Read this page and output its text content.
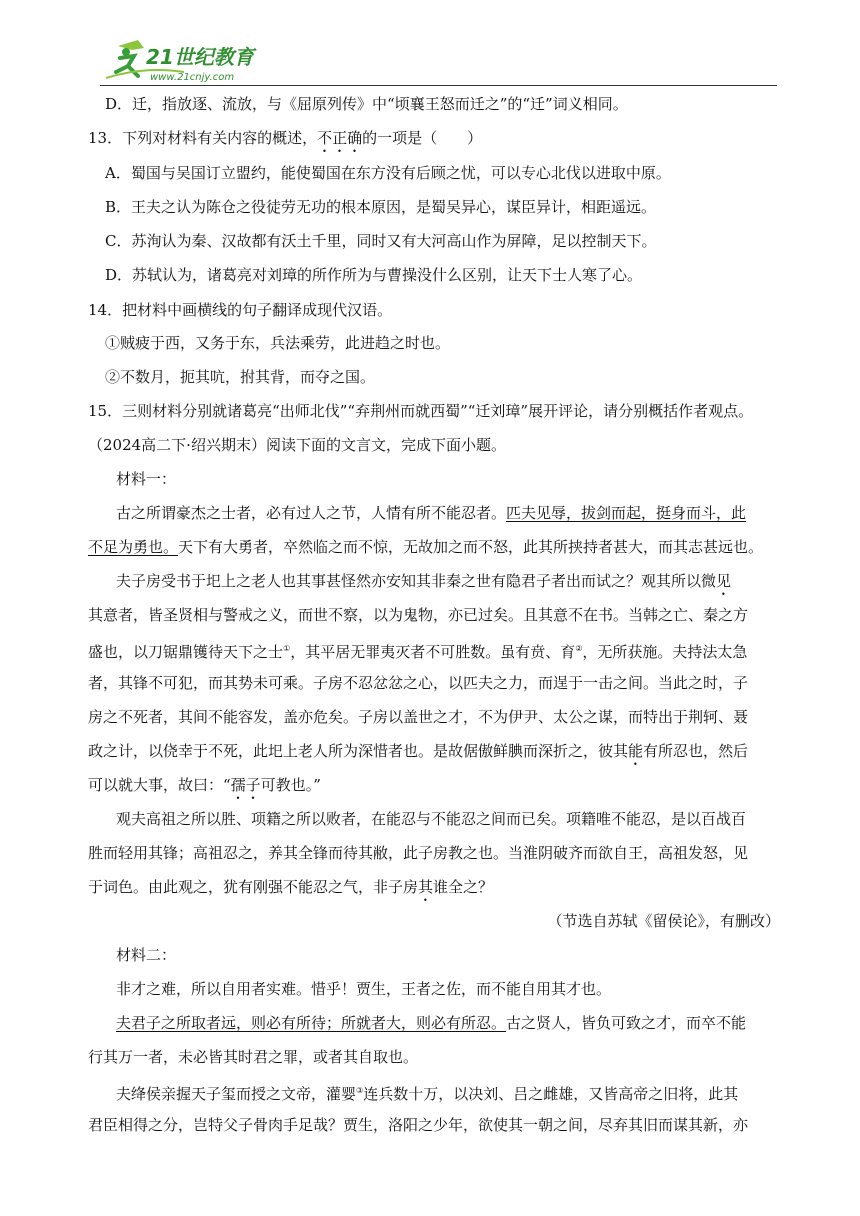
21世纪教育
www.21cnjy.com
D．迁，指放逐、流放，与《屈原列传》中“顷襄王怒而迁之”的“迁”词义相同。
13．下列对材料有关内容的概述，不正确的一项是（　　）
A．蜀国与吴国订立盟约，能使蜀国在东方没有后顾之忧，可以专心北伐以进取中原。
B．王夫之认为陈仓之役徒劳无功的根本原因，是蜀吴异心，谋臣异计，相距遥远。
C．苏洵认为秦、汉故都有沃土千里，同时又有大河高山作为屏障，足以控制天下。
D．苏轼认为，诸葛亮对刘璋的所作所为与曹操没什么区别，让天下士人寒了心。
14．把材料中画横线的句子翻译成现代汉语。
①贼疲于西，又务于东，兵法乘劳，此进趋之时也。
②不数月，扼其吭，拊其背，而夺之国。
15．三则材料分别就诸葛亮“出师北伐”“弃荆州而就西蜀”“迁刘璋”展开评论，请分别概括作者观点。
（2024高二下·绍兴期末）阅读下面的文言文，完成下面小题。
材料一：
古之所谓豪杰之士者，必有过人之节，人情有所不能忍者。匹夫见辱，拔剑而起，挺身而斗，此
不足为勇也。天下有大勇者，卒然临之而不惊，无故加之而不怒，此其所挟持者甚大，而其志甚远也。
夫子房受书于圯上之老人也其事甚怪然亦安知其非秦之世有隐君子者出而试之？观其所以微见
其意者，皆圣贤相与警戒之义，而世不察，以为鬼物，亦已过矣。且其意不在书。当韩之亡、秦之方
盛也，以刀锯鼎镬待天下之士①，其平居无罪夷灭者不可胜数。虽有贲、育②，无所获施。夫持法太急
者，其锋不可犯，而其势未可乘。子房不忍忿忿之心，以匹夫之力，而逞于一击之间。当此之时，子
房之不死者，其间不能容发，盖亦危矣。子房以盖世之才，不为伊尹、太公之谋，而特出于荆轲、聂
政之计，以侥幸于不死，此圯上老人所为深惜者也。是故倨傲鲜腆而深折之，彼其能有所忍也，然后
可以就大事，故曰：“孺子可教也。”
观夫高祖之所以胜、项籍之所以败者，在能忍与不能忍之间而已矣。项籍唯不能忍，是以百战百
胜而轻用其锋；高祖忍之，养其全锋而待其敝，此子房教之也。当淮阴破齐而欲自王，高祖发怒，见
于词色。由此观之，犹有刚强不能忍之气，非子房其谁全之？
（节选自苏轼《留侯论》，有删改）
材料二：
非才之难，所以自用者实难。惜乎！贾生，王者之佐，而不能自用其才也。
夫君子之所取者远，则必有所待；所就者大，则必有所忍。古之贤人，皆负可致之才，而卒不能
行其万一者，未必皆其时君之罪，或者其自取也。
夫绛侯亲握天子玺而授之文帝，灌婴③连兵数十万，以决刘、吕之雌雄，又皆高帝之旧将，此其
君臣相得之分，岂特父子骨肉手足哉？贾生，洛阳之少年，欲使其一朝之间，尽弃其旧而谋其新，亦
